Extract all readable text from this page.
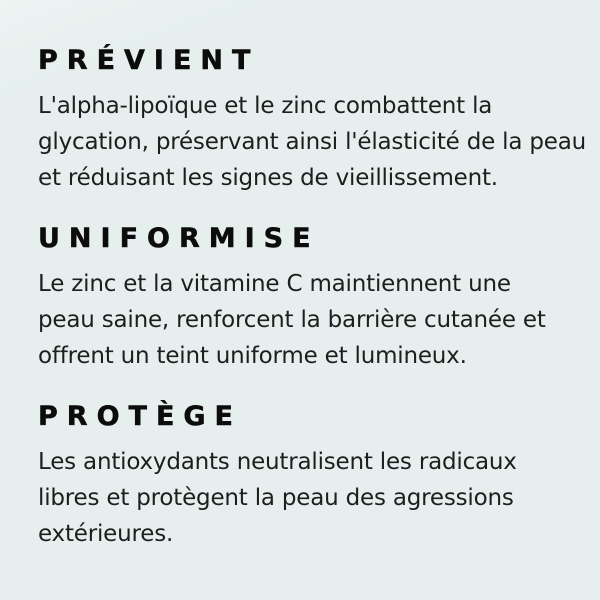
PRÉVIENT
L'alpha-lipoïque et le zinc combattent la
glycation, préservant ainsi l'élasticité de la peau
et réduisant les signes de vieillissement.
UNIFORMISE
Le zinc et la vitamine C maintiennent une
peau saine, renforcent la barrière cutanée et
offrent un teint uniforme et lumineux.
PROTÈGE
Les antioxydants neutralisent les radicaux
libres et protègent la peau des agressions
extérieures.
